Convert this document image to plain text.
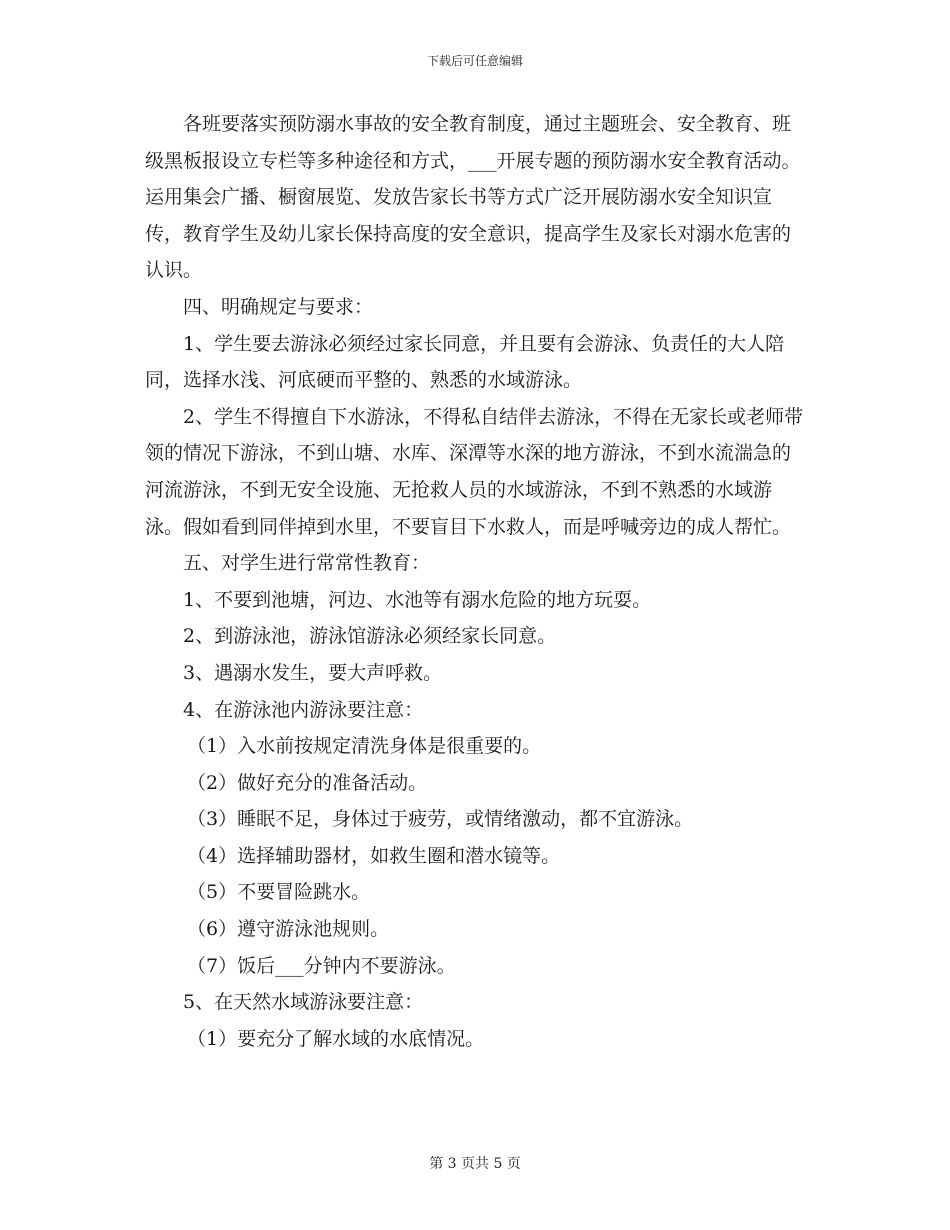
下载后可任意编辑

各班要落实预防溺水事故的安全教育制度，通过主题班会、安全教育、班级黑板报设立专栏等多种途径和方式，___开展专题的预防溺水安全教育活动。运用集会广播、橱窗展览、发放告家长书等方式广泛开展防溺水安全知识宣传，教育学生及幼儿家长保持高度的安全意识，提高学生及家长对溺水危害的认识。

四、明确规定与要求：

1、学生要去游泳必须经过家长同意，并且要有会游泳、负责任的大人陪同，选择水浅、河底硬而平整的、熟悉的水域游泳。

2、学生不得擅自下水游泳，不得私自结伴去游泳，不得在无家长或老师带领的情况下游泳，不到山塘、水库、深潭等水深的地方游泳，不到水流湍急的河流游泳，不到无安全设施、无抢救人员的水域游泳，不到不熟悉的水域游泳。假如看到同伴掉到水里，不要盲目下水救人，而是呼喊旁边的成人帮忙。

五、对学生进行常常性教育：

1、不要到池塘，河边、水池等有溺水危险的地方玩耍。

2、到游泳池，游泳馆游泳必须经家长同意。

3、遇溺水发生，要大声呼救。

4、在游泳池内游泳要注意：

（1）入水前按规定清洗身体是很重要的。

（2）做好充分的准备活动。

（3）睡眠不足，身体过于疲劳，或情绪激动，都不宜游泳。

（4）选择辅助器材，如救生圈和潜水镜等。

（5）不要冒险跳水。

（6）遵守游泳池规则。

（7）饭后___分钟内不要游泳。

5、在天然水域游泳要注意：

（1）要充分了解水域的水底情况。

第 3 页共 5 页
